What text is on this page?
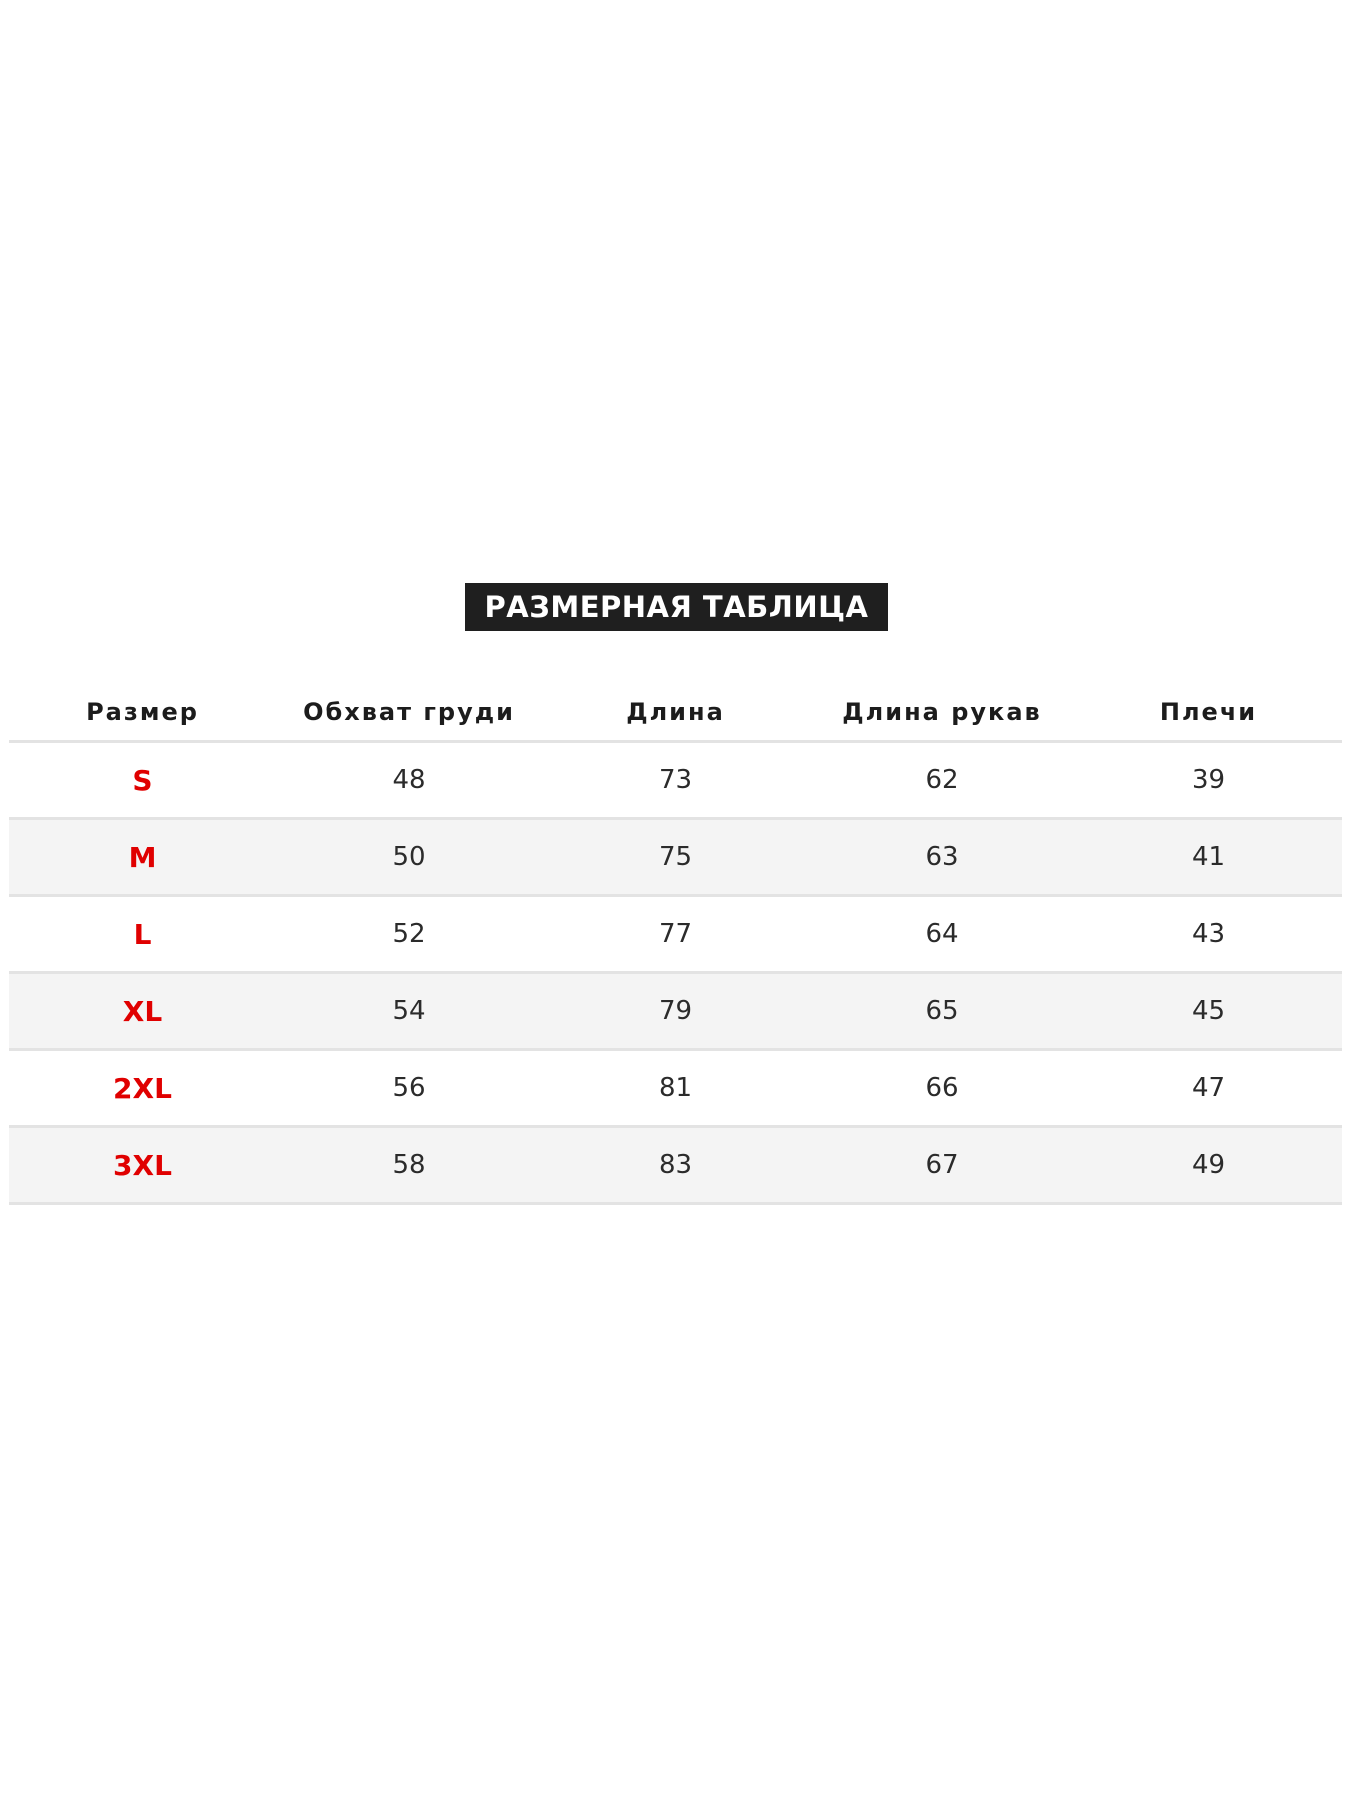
РАЗМЕРНАЯ ТАБЛИЦА
Размер	Обхват груди	Длина	Длина рукав	Плечи
S	48	73	62	39
M	50	75	63	41
L	52	77	64	43
XL	54	79	65	45
2XL	56	81	66	47
3XL	58	83	67	49
